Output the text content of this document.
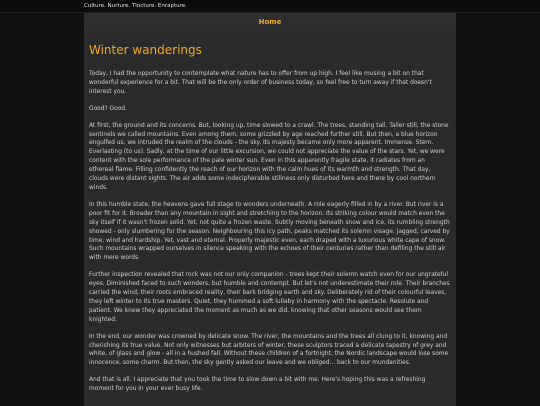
Culture. Nurture. Tincture. Enrapture.
Home
Winter wanderings

Today, I had the opportunity to contemplate what nature has to offer from up high. I feel like musing a bit on that wonderful experience for a bit. That will be the only order of business today, so feel free to turn away if that doesn't interest you.

Good? Good.

At first, the ground and its concerns. But, looking up, time slowed to a crawl. The trees, standing tall. Taller still, the stone sentinels we called mountains. Even among them, some grizzled by age reached further still. But then, a blue horizon engulfed us, we intruded the realm of the clouds - the sky. Its majesty became only more apparent. Immense. Stern. Everlasting (to us). Sadly, at the time of our little excursion, we could not appreciate the value of the stars. Yet, we were content with the sole performance of the pale winter sun. Even in this apparently fragile state, it radiates from an ethereal flame. Filling confidently the reach of our horizon with the calm hues of its warmth and strength. That day, clouds were distant sights. The air adds some indecipherable stillness only disturbed here and there by cool northern winds.

In this humble state, the heavens gave full stage to wonders underneath. A role eagerly filled in by a river. But river is a poor fit for it. Broader than any mountain in sight and stretching to the horizon. Its striking colour would match even the sky itself if it wasn't frozen solid. Yet, not quite a frozen waste. Subtly moving beneath snow and ice, its rumbling strength showed - only slumbering for the season. Neighbouring this icy path, peaks matched its solemn visage. Jagged, carved by time, wind and hardship. Yet, vast and eternal. Properly majestic even, each draped with a luxurious white cape of snow. Such mountains wrapped ourselves in silence speaking with the echoes of their centuries rather than defiling the still air with mere words.

Further inspection revealed that rock was not our only companion - trees kept their solemn watch even for our ungrateful eyes. Diminished faced to such wonders, but humble and contempt. But let's not underestimate their role. Their branches carried the wind, their roots embraced reality, their bark bridging earth and sky. Deliberately rid of their colourful leaves, they left winter to its true masters. Quiet, they hummed a soft lullaby in harmony with the spectacle. Resolute and patient. We knew they appreciated the moment as much as we did, knowing that other seasons would see them knighted.

In the end, our wonder was crowned by delicate snow. The river, the mountains and the trees all clung to it, knowing and cherishing its true value. Not only witnesses but arbiters of winter, these sculptors traced a delicate tapestry of grey and white, of glass and glow - all in a hushed fall. Without these children of a fortnight, the Nordic landscape would lose some innocence, some charm. But then, the sky gently asked our leave and we obliged... back to our mundanities.

And that is all. I appreciate that you took the time to slow down a bit with me. Here's hoping this was a refreshing moment for you in your ever busy life.
